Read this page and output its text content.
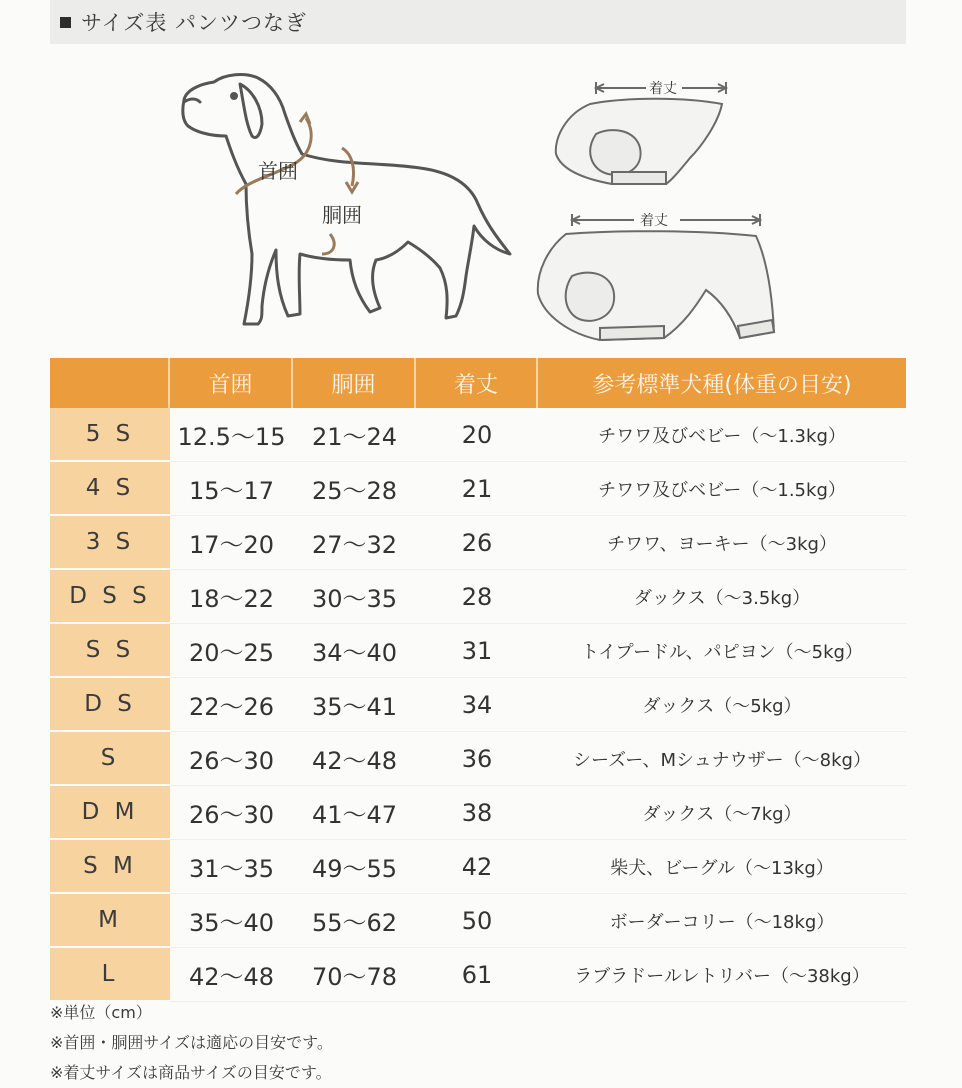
サイズ表 パンツつなぎ
首囲
胴囲
着丈
着丈
	首囲	胴囲	着丈	参考標準犬種(体重の目安)
5 S	12.5～15	21～24	20	チワワ及びベビー（～1.3kg）
4 S	15～17	25～28	21	チワワ及びベビー（～1.5kg）
3 S	17～20	27～32	26	チワワ、ヨーキー（～3kg）
D S S	18～22	30～35	28	ダックス（～3.5kg）
S S	20～25	34～40	31	トイプードル、パピヨン（～5kg）
D S	22～26	35～41	34	ダックス（～5kg）
S	26～30	42～48	36	シーズー、Mシュナウザー（～8kg）
D M	26～30	41～47	38	ダックス（～7kg）
S M	31～35	49～55	42	柴犬、ビーグル（～13kg）
M	35～40	55～62	50	ボーダーコリー（～18kg）
L	42～48	70～78	61	ラブラドールレトリバー（～38kg）
※単位（cm）
※首囲・胴囲サイズは適応の目安です。
※着丈サイズは商品サイズの目安です。
